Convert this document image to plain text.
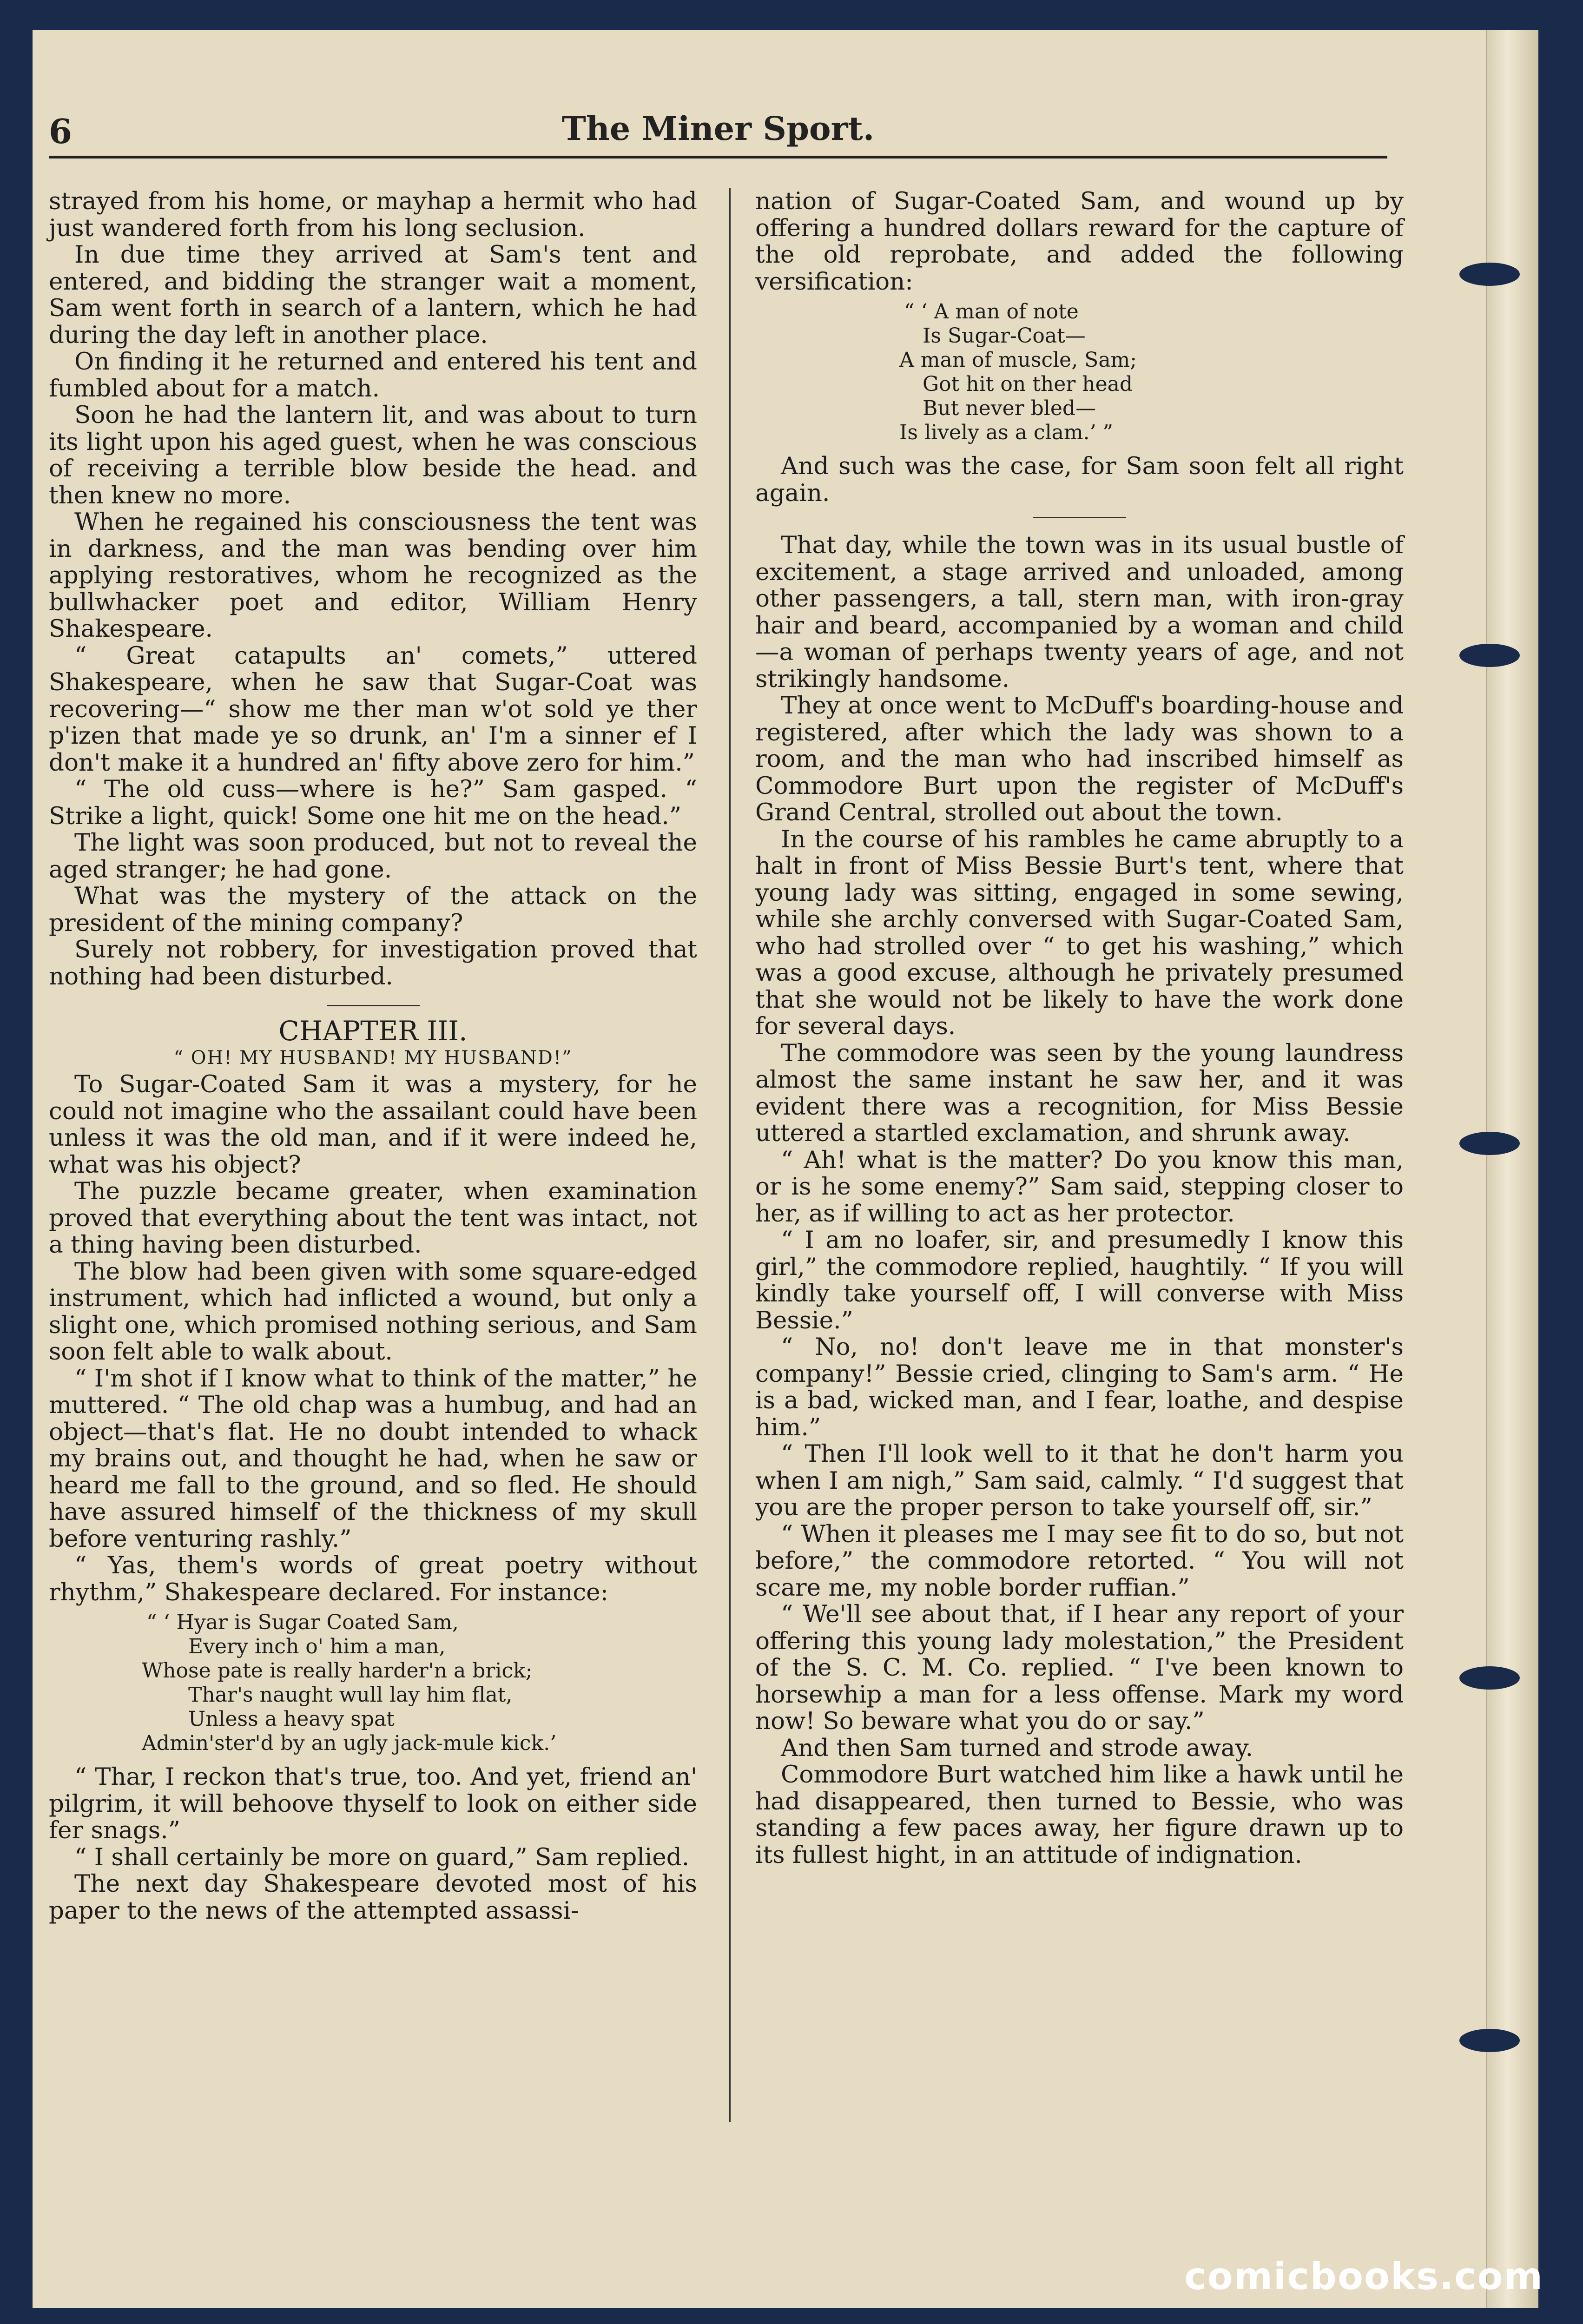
6	The Miner Sport.

strayed from his home, or mayhap a hermit who had just wandered forth from his long seclusion.

In due time they arrived at Sam's tent and entered, and bidding the stranger wait a moment, Sam went forth in search of a lantern, which he had during the day left in another place.

On finding it he returned and entered his tent and fumbled about for a match.

Soon he had the lantern lit, and was about to turn its light upon his aged guest, when he was conscious of receiving a terrible blow beside the head. and then knew no more.

When he regained his consciousness the tent was in darkness, and the man was bending over him applying restoratives, whom he recognized as the bullwhacker poet and editor, William Henry Shakespeare.

“ Great catapults an' comets,” uttered Shakespeare, when he saw that Sugar-Coat was recovering—“ show me ther man w'ot sold ye ther p'izen that made ye so drunk, an' I'm a sinner ef I don't make it a hundred an' fifty above zero for him.”

“ The old cuss—where is he?” Sam gasped. “ Strike a light, quick! Some one hit me on the head.”

The light was soon produced, but not to reveal the aged stranger; he had gone.

What was the mystery of the attack on the president of the mining company?

Surely not robbery, for investigation proved that nothing had been disturbed.

CHAPTER III.
“ OH! MY HUSBAND! MY HUSBAND!”

To Sugar-Coated Sam it was a mystery, for he could not imagine who the assailant could have been unless it was the old man, and if it were indeed he, what was his object?

The puzzle became greater, when examination proved that everything about the tent was intact, not a thing having been disturbed.

The blow had been given with some square-edged instrument, which had inflicted a wound, but only a slight one, which promised nothing serious, and Sam soon felt able to walk about.

“ I'm shot if I know what to think of the matter,” he muttered. “ The old chap was a humbug, and had an object—that's flat. He no doubt intended to whack my brains out, and thought he had, when he saw or heard me fall to the ground, and so fled. He should have assured himself of the thickness of my skull before venturing rashly.”

“ Yas, them's words of great poetry without rhythm,” Shakespeare declared. For instance:

“ ‘ Hyar is Sugar Coated Sam,
Every inch o' him a man,
Whose pate is really harder'n a brick;
Thar's naught wull lay him flat,
Unless a heavy spat
Admin'ster'd by an ugly jack-mule kick.’

“ Thar, I reckon that's true, too. And yet, friend an' pilgrim, it will behoove thyself to look on either side fer snags.”

“ I shall certainly be more on guard,” Sam replied.

The next day Shakespeare devoted most of his paper to the news of the attempted assassi-

nation of Sugar-Coated Sam, and wound up by offering a hundred dollars reward for the capture of the old reprobate, and added the following versification:

“ ‘ A man of note
Is Sugar-Coat—
A man of muscle, Sam;
Got hit on ther head
But never bled—
Is lively as a clam.’ ”

And such was the case, for Sam soon felt all right again.

That day, while the town was in its usual bustle of excitement, a stage arrived and unloaded, among other passengers, a tall, stern man, with iron-gray hair and beard, accompanied by a woman and child—a woman of perhaps twenty years of age, and not strikingly handsome.

They at once went to McDuff's boarding-house and registered, after which the lady was shown to a room, and the man who had inscribed himself as Commodore Burt upon the register of McDuff's Grand Central, strolled out about the town.

In the course of his rambles he came abruptly to a halt in front of Miss Bessie Burt's tent, where that young lady was sitting, engaged in some sewing, while she archly conversed with Sugar-Coated Sam, who had strolled over “ to get his washing,” which was a good excuse, although he privately presumed that she would not be likely to have the work done for several days.

The commodore was seen by the young laundress almost the same instant he saw her, and it was evident there was a recognition, for Miss Bessie uttered a startled exclamation, and shrunk away.

“ Ah! what is the matter? Do you know this man, or is he some enemy?” Sam said, stepping closer to her, as if willing to act as her protector.

“ I am no loafer, sir, and presumedly I know this girl,” the commodore replied, haughtily. “ If you will kindly take yourself off, I will converse with Miss Bessie.”

“ No, no! don't leave me in that monster's company!” Bessie cried, clinging to Sam's arm. “ He is a bad, wicked man, and I fear, loathe, and despise him.”

“ Then I'll look well to it that he don't harm you when I am nigh,” Sam said, calmly. “ I'd suggest that you are the proper person to take yourself off, sir.”

“ When it pleases me I may see fit to do so, but not before,” the commodore retorted. “ You will not scare me, my noble border ruffian.”

“ We'll see about that, if I hear any report of your offering this young lady molestation,” the President of the S. C. M. Co. replied. “ I've been known to horsewhip a man for a less offense. Mark my word now! So beware what you do or say.”

And then Sam turned and strode away.

Commodore Burt watched him like a hawk until he had disappeared, then turned to Bessie, who was standing a few paces away, her figure drawn up to its fullest hight, in an attitude of indignation.

comicbooks.com
